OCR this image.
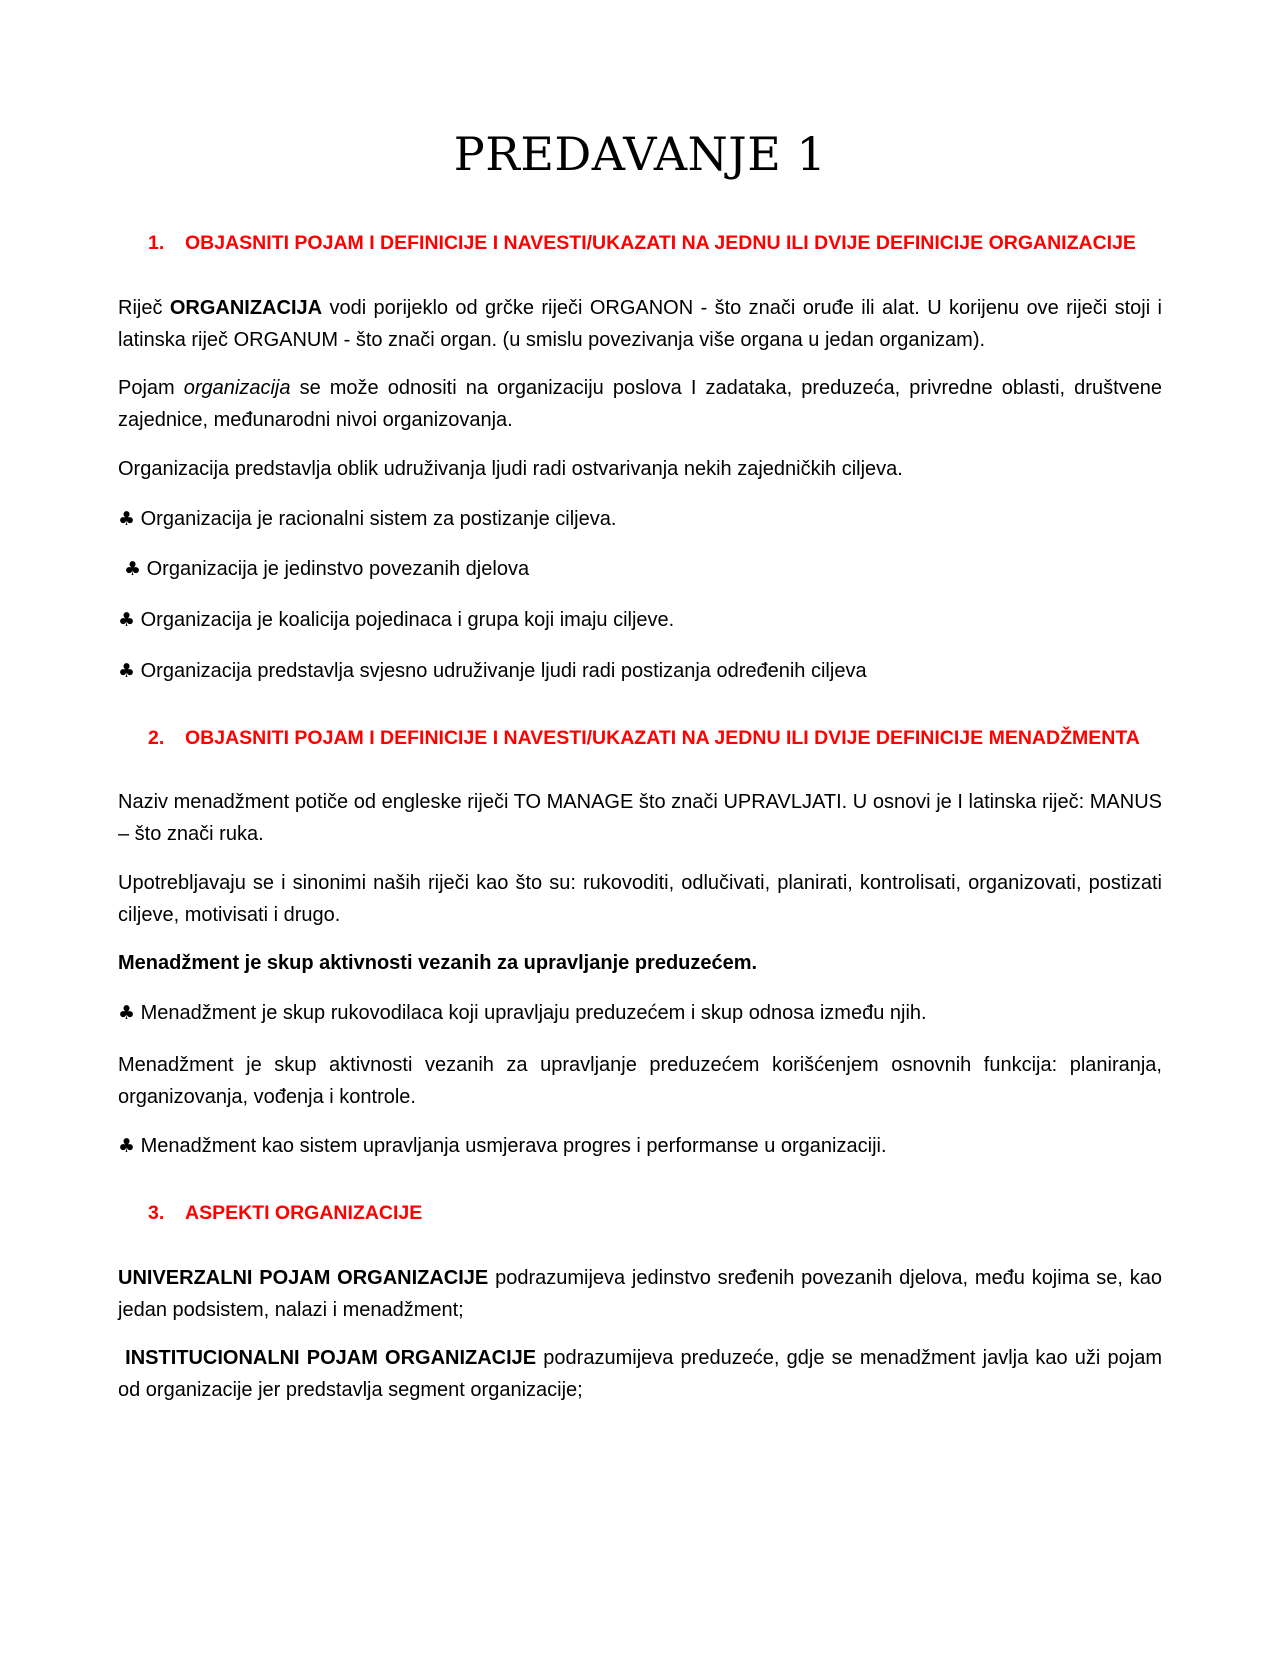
PREDAVANJE 1
1. OBJASNITI POJAM I DEFINICIJE I NAVESTI/UKAZATI NA JEDNU ILI DVIJE DEFINICIJE ORGANIZACIJE

Riječ ORGANIZACIJA vodi porijeklo od grčke riječi ORGANON - što znači oruđe ili alat. U korijenu ove riječi stoji i latinska riječ ORGANUM - što znači organ. (u smislu povezivanja više organa u jedan organizam).

Pojam organizacija se može odnositi na organizaciju poslova I zadataka, preduzeća, privredne oblasti, društvene zajednice, međunarodni nivoi organizovanja.

Organizacija predstavlja oblik udruživanja ljudi radi ostvarivanja nekih zajedničkih ciljeva.

♣ Organizacija je racionalni sistem za postizanje ciljeva.

♣ Organizacija je jedinstvo povezanih djelova

♣ Organizacija je koalicija pojedinaca i grupa koji imaju ciljeve.

♣ Organizacija predstavlja svjesno udruživanje ljudi radi postizanja određenih ciljeva

2. OBJASNITI POJAM I DEFINICIJE I NAVESTI/UKAZATI NA JEDNU ILI DVIJE DEFINICIJE MENADŽMENTA

Naziv menadžment potiče od engleske riječi TO MANAGE što znači UPRAVLJATI. U osnovi je I latinska riječ: MANUS – što znači ruka.

Upotrebljavaju se i sinonimi naših riječi kao što su: rukovoditi, odlučivati, planirati, kontrolisati, organizovati, postizati ciljeve, motivisati i drugo.

Menadžment je skup aktivnosti vezanih za upravljanje preduzećem.

♣ Menadžment je skup rukovodilaca koji upravljaju preduzećem i skup odnosa između njih.

Menadžment je skup aktivnosti vezanih za upravljanje preduzećem korišćenjem osnovnih funkcija: planiranja, organizovanja, vođenja i kontrole.

♣ Menadžment kao sistem upravljanja usmjerava progres i performanse u organizaciji.

3. ASPEKTI ORGANIZACIJE

UNIVERZALNI POJAM ORGANIZACIJE podrazumijeva jedinstvo sređenih povezanih djelova, među kojima se, kao jedan podsistem, nalazi i menadžment;

INSTITUCIONALNI POJAM ORGANIZACIJE podrazumijeva preduzeće, gdje se menadžment javlja kao uži pojam od organizacije jer predstavlja segment organizacije;
